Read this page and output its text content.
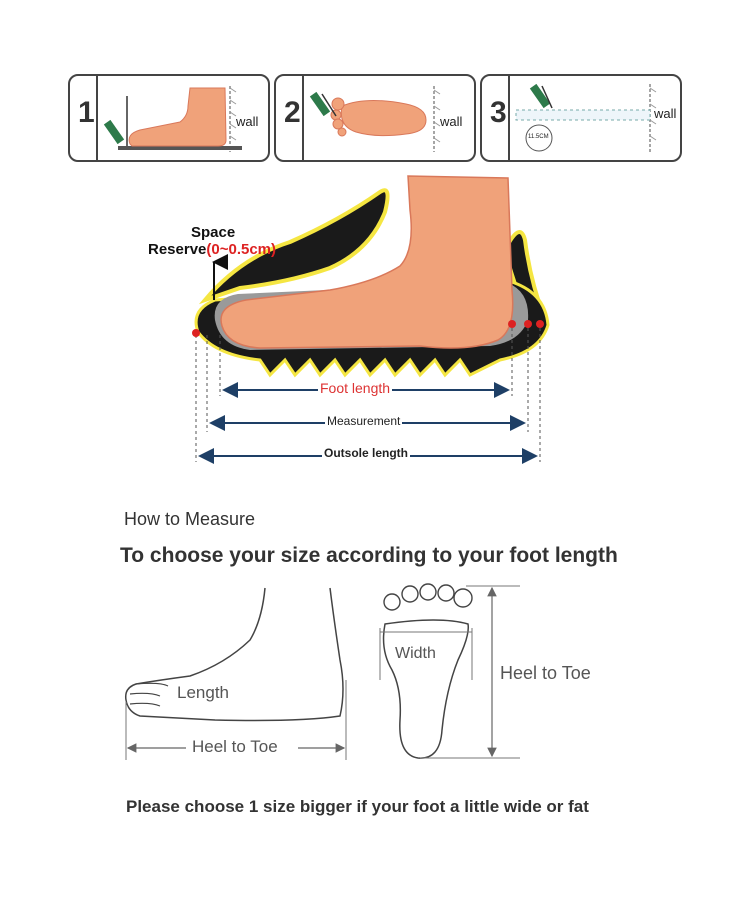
1	wall 2	wall 3	wall
11.5CM
Space
Reserve(0~0.5cm)
Foot length
Measurement
Outsole length
How to Measure
To choose your size according to your foot length
Length
Heel to Toe
Width
Heel to Toe
Please choose 1 size bigger if your foot a little wide or fat
